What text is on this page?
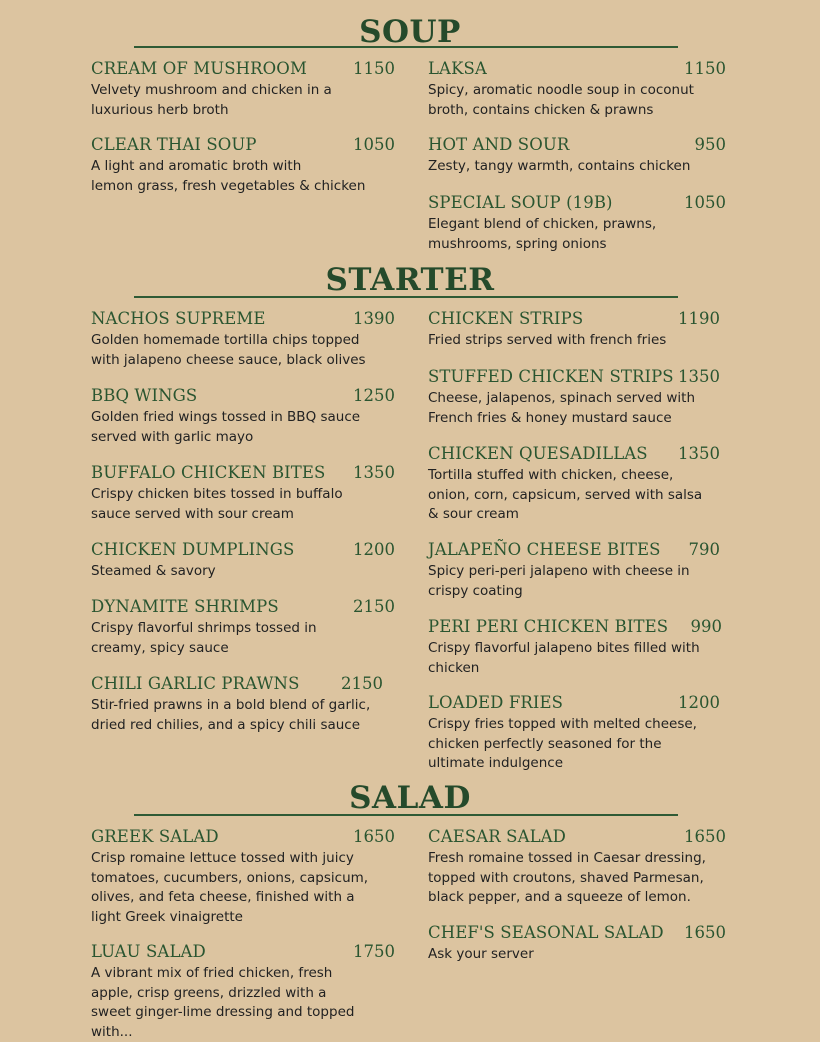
SOUP
CREAM OF MUSHROOM	1150
Velvety mushroom and chicken in a
luxurious herb broth
LAKSA	1150
Spicy, aromatic noodle soup in coconut
broth, contains chicken & prawns
CLEAR THAI SOUP	1050
A light and aromatic broth with
lemon grass, fresh vegetables & chicken
HOT AND SOUR	950
Zesty, tangy warmth, contains chicken
SPECIAL SOUP (19B)	1050
Elegant blend of chicken, prawns,
mushrooms, spring onions
STARTER
NACHOS SUPREME	1390
Golden homemade tortilla chips topped
with jalapeno cheese sauce, black olives
BBQ WINGS	1250
Golden fried wings tossed in BBQ sauce
served with garlic mayo
BUFFALO CHICKEN BITES 1350
Crispy chicken bites tossed in buffalo
sauce served with sour cream
CHICKEN DUMPLINGS	1200
Steamed & savory
DYNAMITE SHRIMPS	2150
Crispy flavorful shrimps tossed in
creamy, spicy sauce
CHILI GARLIC PRAWNS	2150
Stir-fried prawns in a bold blend of garlic,
dried red chilies, and a spicy chili sauce
CHICKEN STRIPS	1190
Fried strips served with french fries
STUFFED CHICKEN STRIPS 1350
Cheese, jalapenos, spinach served with
French fries & honey mustard sauce
CHICKEN QUESADILLAS 1350
Tortilla stuffed with chicken, cheese,
onion, corn, capsicum, served with salsa
& sour cream
JALAPEÑO CHEESE BITES 790
Spicy peri-peri jalapeno with cheese in
crispy coating
PERI PERI CHICKEN BITES 990
Crispy flavorful jalapeno bites filled with
chicken
LOADED FRIES	1200
Crispy fries topped with melted cheese,
chicken perfectly seasoned for the
ultimate indulgence
SALAD
GREEK SALAD	1650
Crisp romaine lettuce tossed with juicy
tomatoes, cucumbers, onions, capsicum,
olives, and feta cheese, finished with a
light Greek vinaigrette
CAESAR SALAD	1650
Fresh romaine tossed in Caesar dressing,
topped with croutons, shaved Parmesan,
black pepper, and a squeeze of lemon.
LUAU SALAD	1750
A vibrant mix of fried chicken, fresh
apple, crisp greens, drizzled with a
sweet ginger-lime dressing and topped
with...
CHEF'S SEASONAL SALAD 1650
Ask your server
